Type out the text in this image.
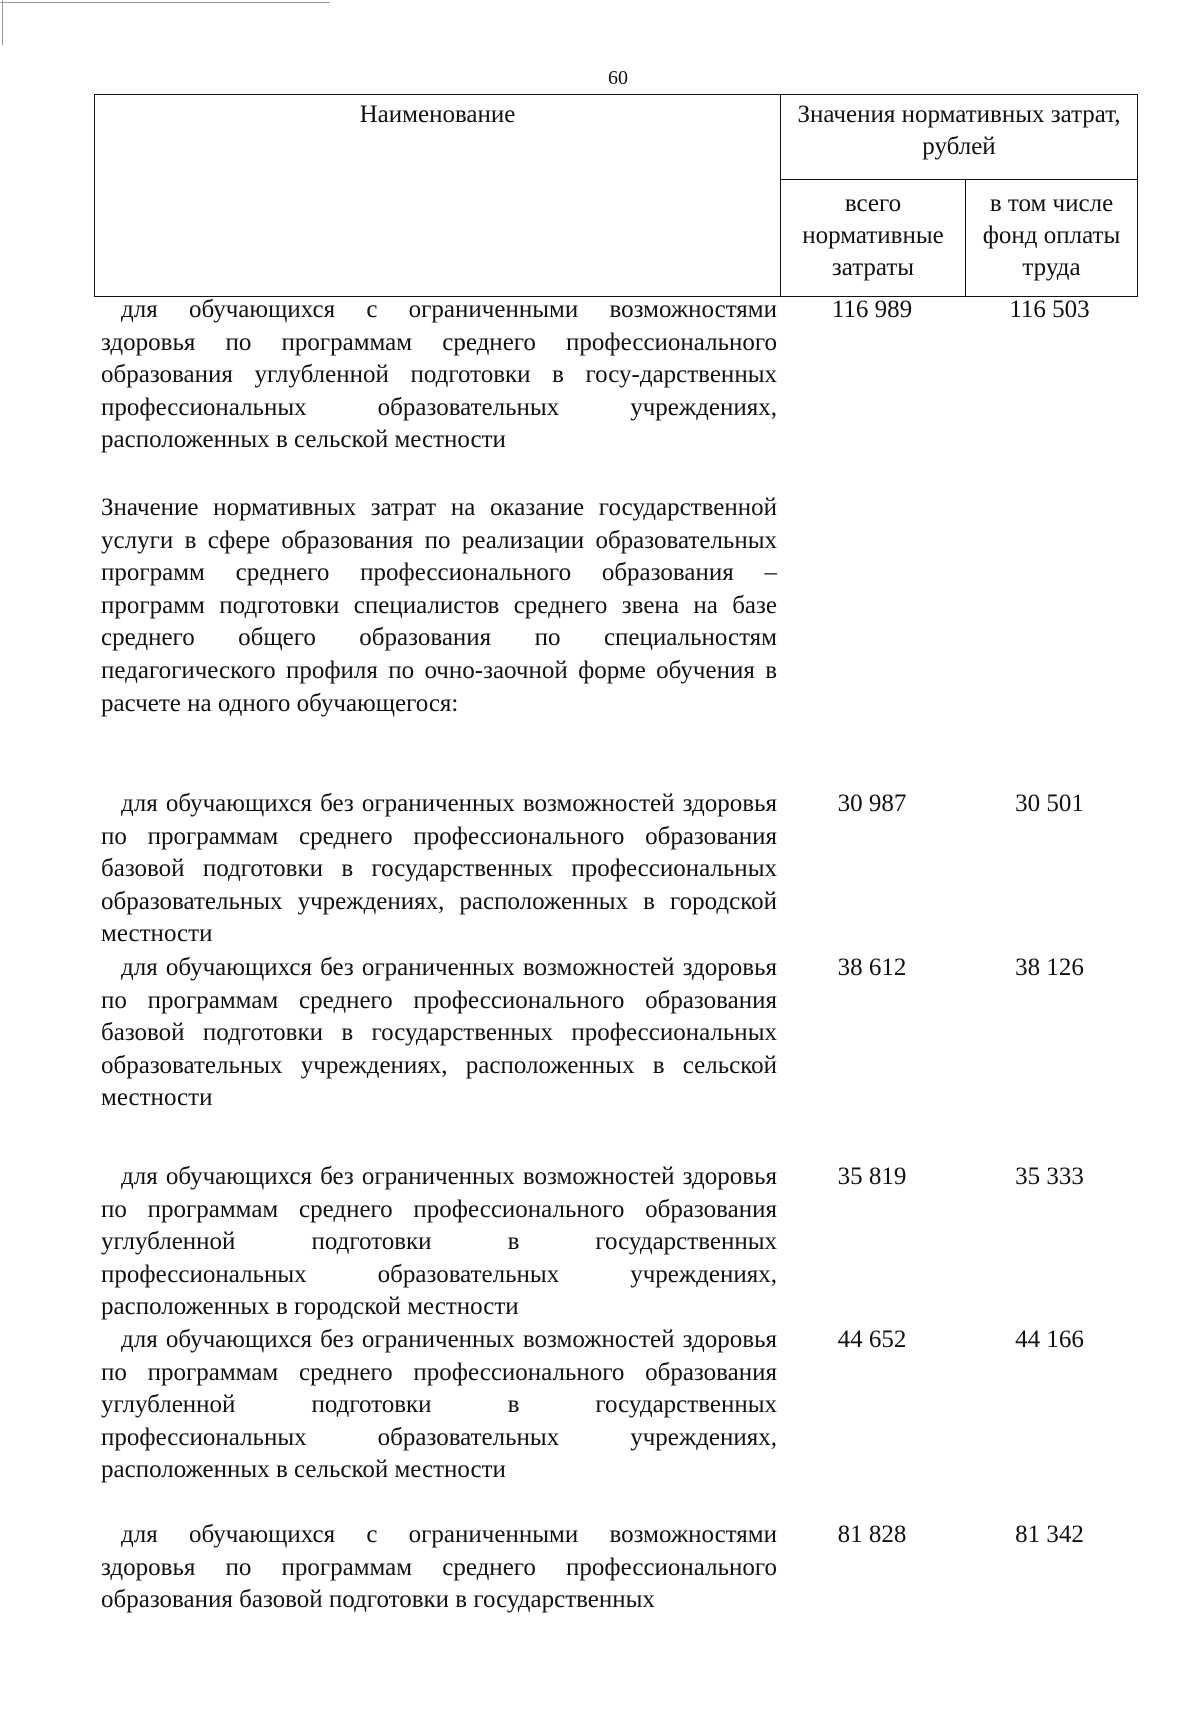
60
Наименование	Значения нормативных затрат, рублей	
	всего нормативные затраты	в том числе фонд оплаты труда
для обучающихся с ограниченными возможностями здоровья по программам среднего профессионального образования углубленной подготовки в госу-дарственных профессиональных образовательных учреждениях, расположенных в сельской местности
116 989	116 503
Значение нормативных затрат на оказание государственной услуги в сфере образования по реализации образовательных программ среднего профессионального образования – программ подготовки специалистов среднего звена на базе среднего общего образования по специальностям педагогического профиля по очно-заочной форме обучения в расчете на одного обучающегося:
для обучающихся без ограниченных возможностей здоровья по программам среднего профессионального образования базовой подготовки в государственных профессиональных образовательных учреждениях, расположенных в городской местности
30 987	30 501
для обучающихся без ограниченных возможностей здоровья по программам среднего профессионального образования базовой подготовки в государственных профессиональных образовательных учреждениях, расположенных в сельской местности
38 612	38 126
для обучающихся без ограниченных возможностей здоровья по программам среднего профессионального образования углубленной подготовки в государственных профессиональных образовательных учреждениях, расположенных в городской местности
35 819	35 333
для обучающихся без ограниченных возможностей здоровья по программам среднего профессионального образования углубленной подготовки в государственных профессиональных образовательных учреждениях, расположенных в сельской местности
44 652	44 166
для обучающихся с ограниченными возможностями здоровья по программам среднего профессионального образования базовой подготовки в государственных
81 828	81 342
